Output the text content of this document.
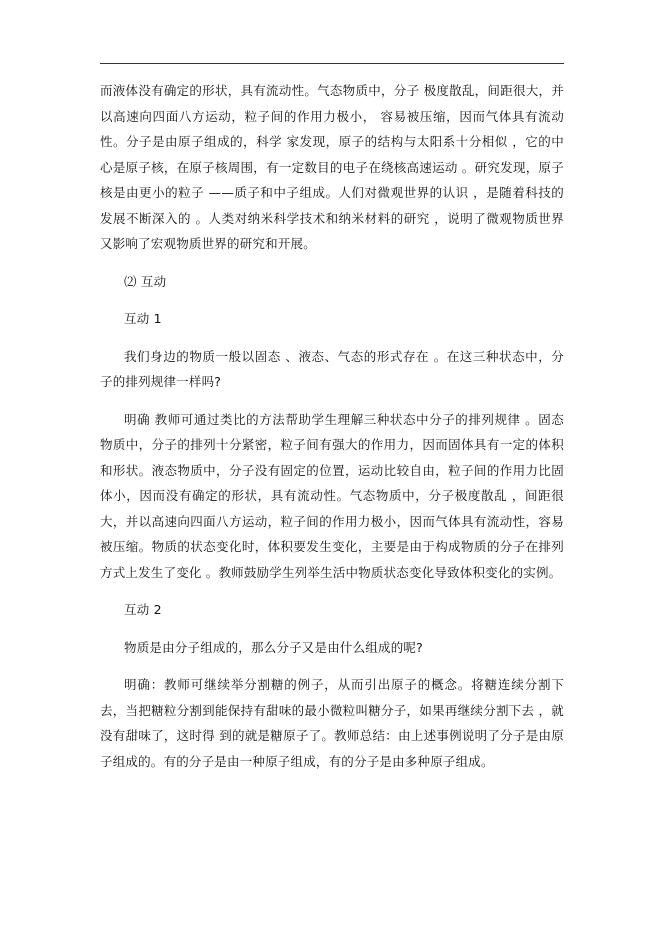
而液体没有确定的形状，具有流动性。气态物质中，分子 极度散乱，间距很大，并以高速向四面八方运动，粒子间的作用力极小， 容易被压缩，因而气体具有流动性。分子是由原子组成的，科学 家发现，原子的结构与太阳系十分相似 ，它的中心是原子核，在原子核周围，有一定数目的电子在绕核高速运动 。研究发现，原子核是由更小的粒子 ——质子和中子组成。人们对微观世界的认识 ，是随着科技的发展不断深入的 。人类对纳米科学技术和纳米材料的研究 ，说明了微观物质世界又影响了宏观物质世界的研究和开展。

⑵ 互动

互动 1

我们身边的物质一般以固态 、液态、气态的形式存在 。在这三种状态中，分子的排列规律一样吗?

明确 教师可通过类比的方法帮助学生理解三种状态中分子的排列规律 。固态物质中，分子的排列十分紧密，粒子间有强大的作用力，因而固体具有一定的体积和形状。液态物质中，分子没有固定的位置，运动比较自由，粒子间的作用力比固体小，因而没有确定的形状，具有流动性。气态物质中，分子极度散乱 ，间距很大，并以高速向四面八方运动，粒子间的作用力极小，因而气体具有流动性，容易被压缩。物质的状态变化时，体积要发生变化，主要是由于构成物质的分子在排列方式上发生了变化 。教师鼓励学生列举生活中物质状态变化导致体积变化的实例。

互动 2

物质是由分子组成的，那么分子又是由什么组成的呢?

明确：教师可继续举分割糖的例子，从而引出原子的概念。将糖连续分割下去，当把糖粒分割到能保持有甜味的最小微粒叫糖分子，如果再继续分割下去 ，就没有甜味了，这时得 到的就是糖原子了。教师总结：由上述事例说明了分子是由原子组成的。有的分子是由一种原子组成，有的分子是由多种原子组成。
